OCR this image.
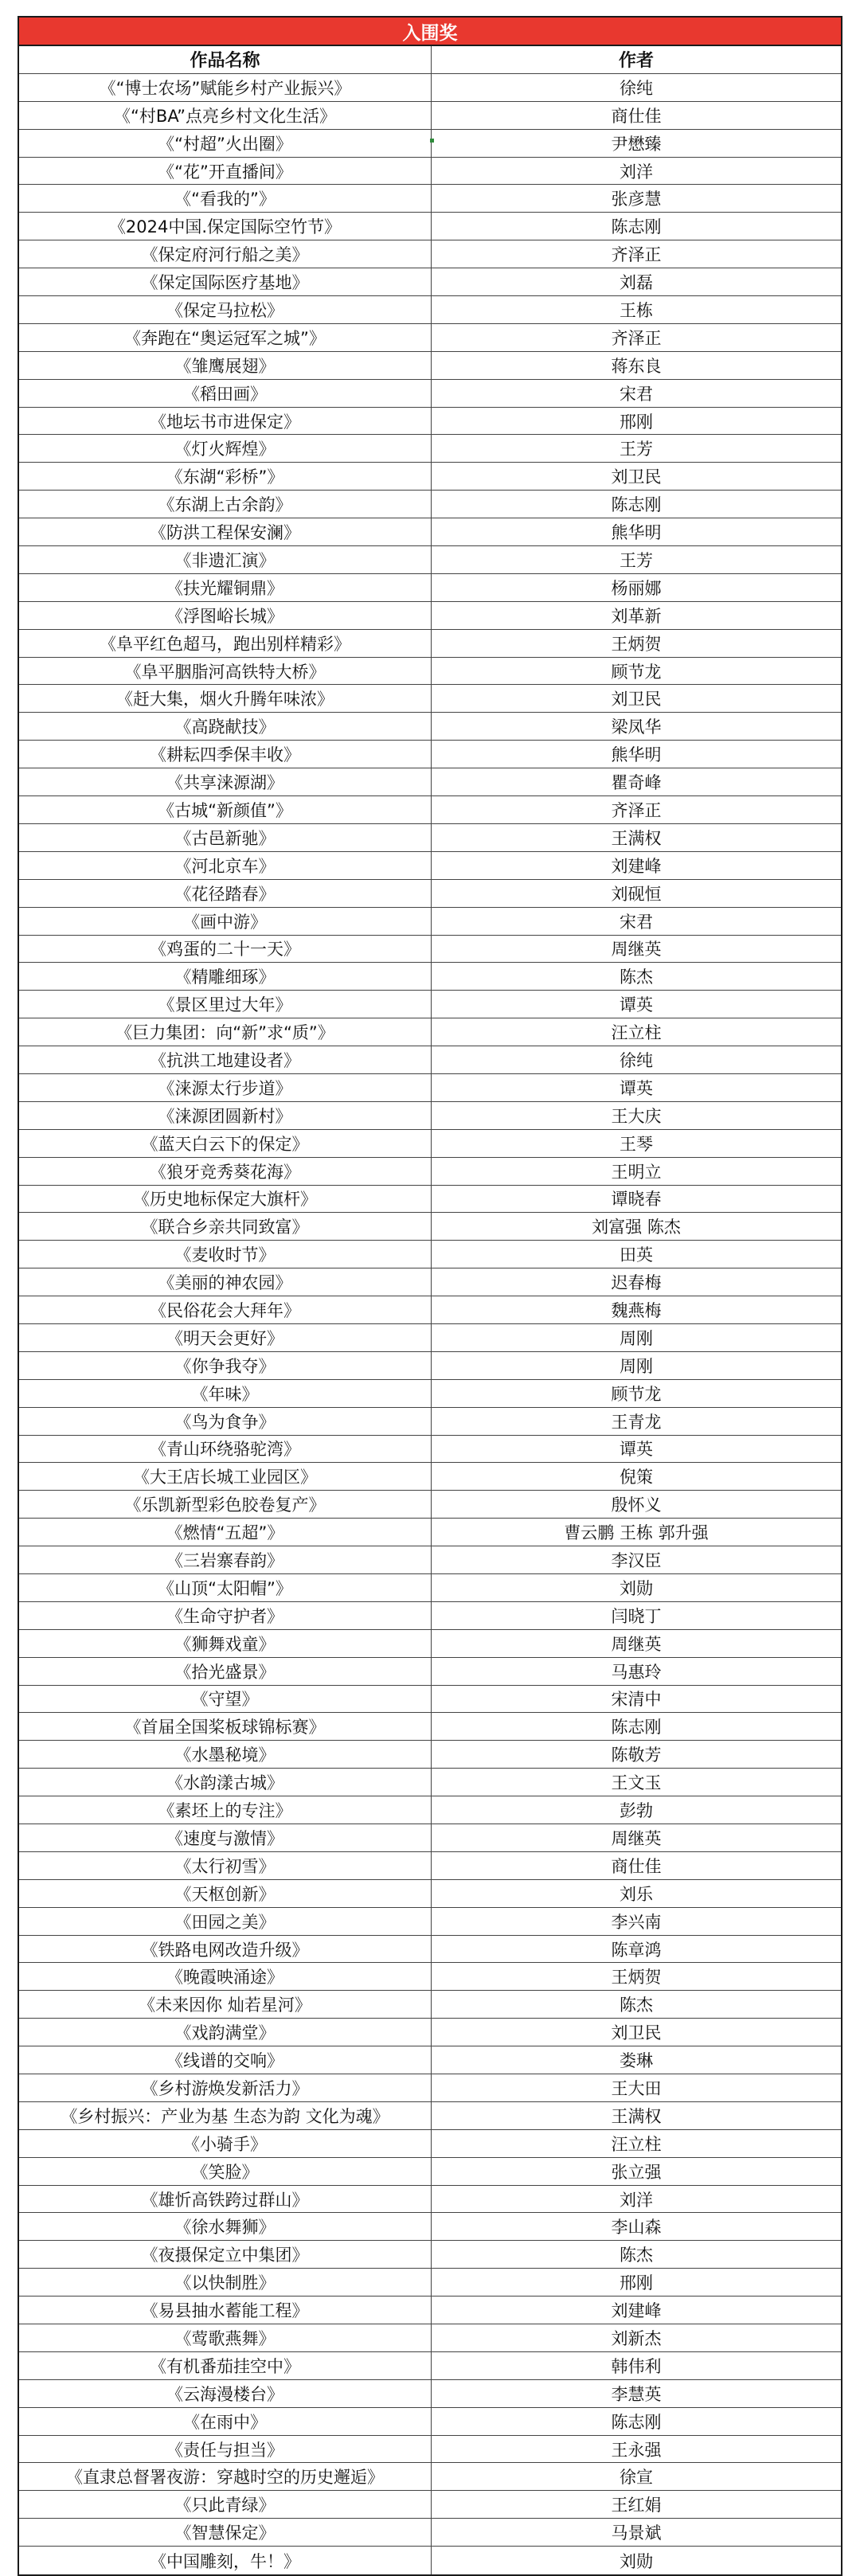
入围奖
作品名称	作者
《“博士农场”赋能乡村产业振兴》	徐纯
《“村BA”点亮乡村文化生活》	商仕佳
《“村超”火出圈》	尹懋臻
《“花”开直播间》	刘洋
《“看我的”》	张彦慧
《2024中国.保定国际空竹节》	陈志刚
《保定府河行船之美》	齐泽正
《保定国际医疗基地》	刘磊
《保定马拉松》	王栋
《奔跑在“奥运冠军之城”》	齐泽正
《雏鹰展翅》	蒋东良
《稻田画》	宋君
《地坛书市进保定》	邢刚
《灯火辉煌》	王芳
《东湖“彩桥”》	刘卫民
《东湖上古余韵》	陈志刚
《防洪工程保安澜》	熊华明
《非遗汇演》	王芳
《扶光耀铜鼎》	杨丽娜
《浮图峪长城》	刘革新
《阜平红色超马，跑出别样精彩》	王炳贺
《阜平胭脂河高铁特大桥》	顾节龙
《赶大集，烟火升腾年味浓》	刘卫民
《高跷献技》	梁凤华
《耕耘四季保丰收》	熊华明
《共享涞源湖》	瞿奇峰
《古城“新颜值”》	齐泽正
《古邑新驰》	王满权
《河北京车》	刘建峰
《花径踏春》	刘砚恒
《画中游》	宋君
《鸡蛋的二十一天》	周继英
《精雕细琢》	陈杰
《景区里过大年》	谭英
《巨力集团：向“新”求“质”》	汪立柱
《抗洪工地建设者》	徐纯
《涞源太行步道》	谭英
《涞源团圆新村》	王大庆
《蓝天白云下的保定》	王琴
《狼牙竞秀葵花海》	王明立
《历史地标保定大旗杆》	谭晓春
《联合乡亲共同致富》	刘富强 陈杰
《麦收时节》	田英
《美丽的神农园》	迟春梅
《民俗花会大拜年》	魏燕梅
《明天会更好》	周刚
《你争我夺》	周刚
《年味》	顾节龙
《鸟为食争》	王青龙
《青山环绕骆驼湾》	谭英
《大王店长城工业园区》	倪策
《乐凯新型彩色胶卷复产》	殷怀义
《燃情“五超”》	曹云鹏 王栋 郭升强
《三岩寨春韵》	李汉臣
《山顶“太阳帽”》	刘勋
《生命守护者》	闫晓丁
《狮舞戏童》	周继英
《拾光盛景》	马惠玲
《守望》	宋清中
《首届全国桨板球锦标赛》	陈志刚
《水墨秘境》	陈敬芳
《水韵漾古城》	王文玉
《素坯上的专注》	彭勃
《速度与激情》	周继英
《太行初雪》	商仕佳
《天枢创新》	刘乐
《田园之美》	李兴南
《铁路电网改造升级》	陈章鸿
《晚霞映涌途》	王炳贺
《未来因你 灿若星河》	陈杰
《戏韵满堂》	刘卫民
《线谱的交响》	娄琳
《乡村游焕发新活力》	王大田
《乡村振兴：产业为基 生态为韵 文化为魂》	王满权
《小骑手》	汪立柱
《笑脸》	张立强
《雄忻高铁跨过群山》	刘洋
《徐水舞狮》	李山森
《夜摄保定立中集团》	陈杰
《以快制胜》	邢刚
《易县抽水蓄能工程》	刘建峰
《莺歌燕舞》	刘新杰
《有机番茄挂空中》	韩伟利
《云海漫楼台》	李慧英
《在雨中》	陈志刚
《责任与担当》	王永强
《直隶总督署夜游：穿越时空的历史邂逅》	徐宣
《只此青绿》	王红娟
《智慧保定》	马景斌
《中国雕刻，牛！》	刘勋
